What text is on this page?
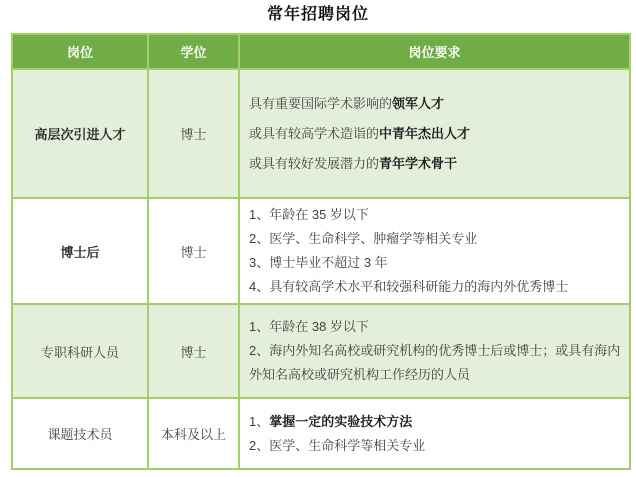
常年招聘岗位
岗位	学位	岗位要求
高层次引进人才	博士	具有重要国际学术影响的领军人才
或具有较高学术造诣的中青年杰出人才
或具有较好发展潜力的青年学术骨干

博士后	博士	1、年龄在 35 岁以下
2、医学、生命科学、肿瘤学等相关专业
3、博士毕业不超过 3 年
4、具有较高学术水平和较强科研能力的海内外优秀博士

专职科研人员	博士	1、年龄在 38 岁以下
2、海内外知名高校或研究机构的优秀博士后或博士；或具有海内外知名高校或研究机构工作经历的人员

课题技术员	本科及以上	1、掌握一定的实验技术方法
2、医学、生命科学等相关专业
